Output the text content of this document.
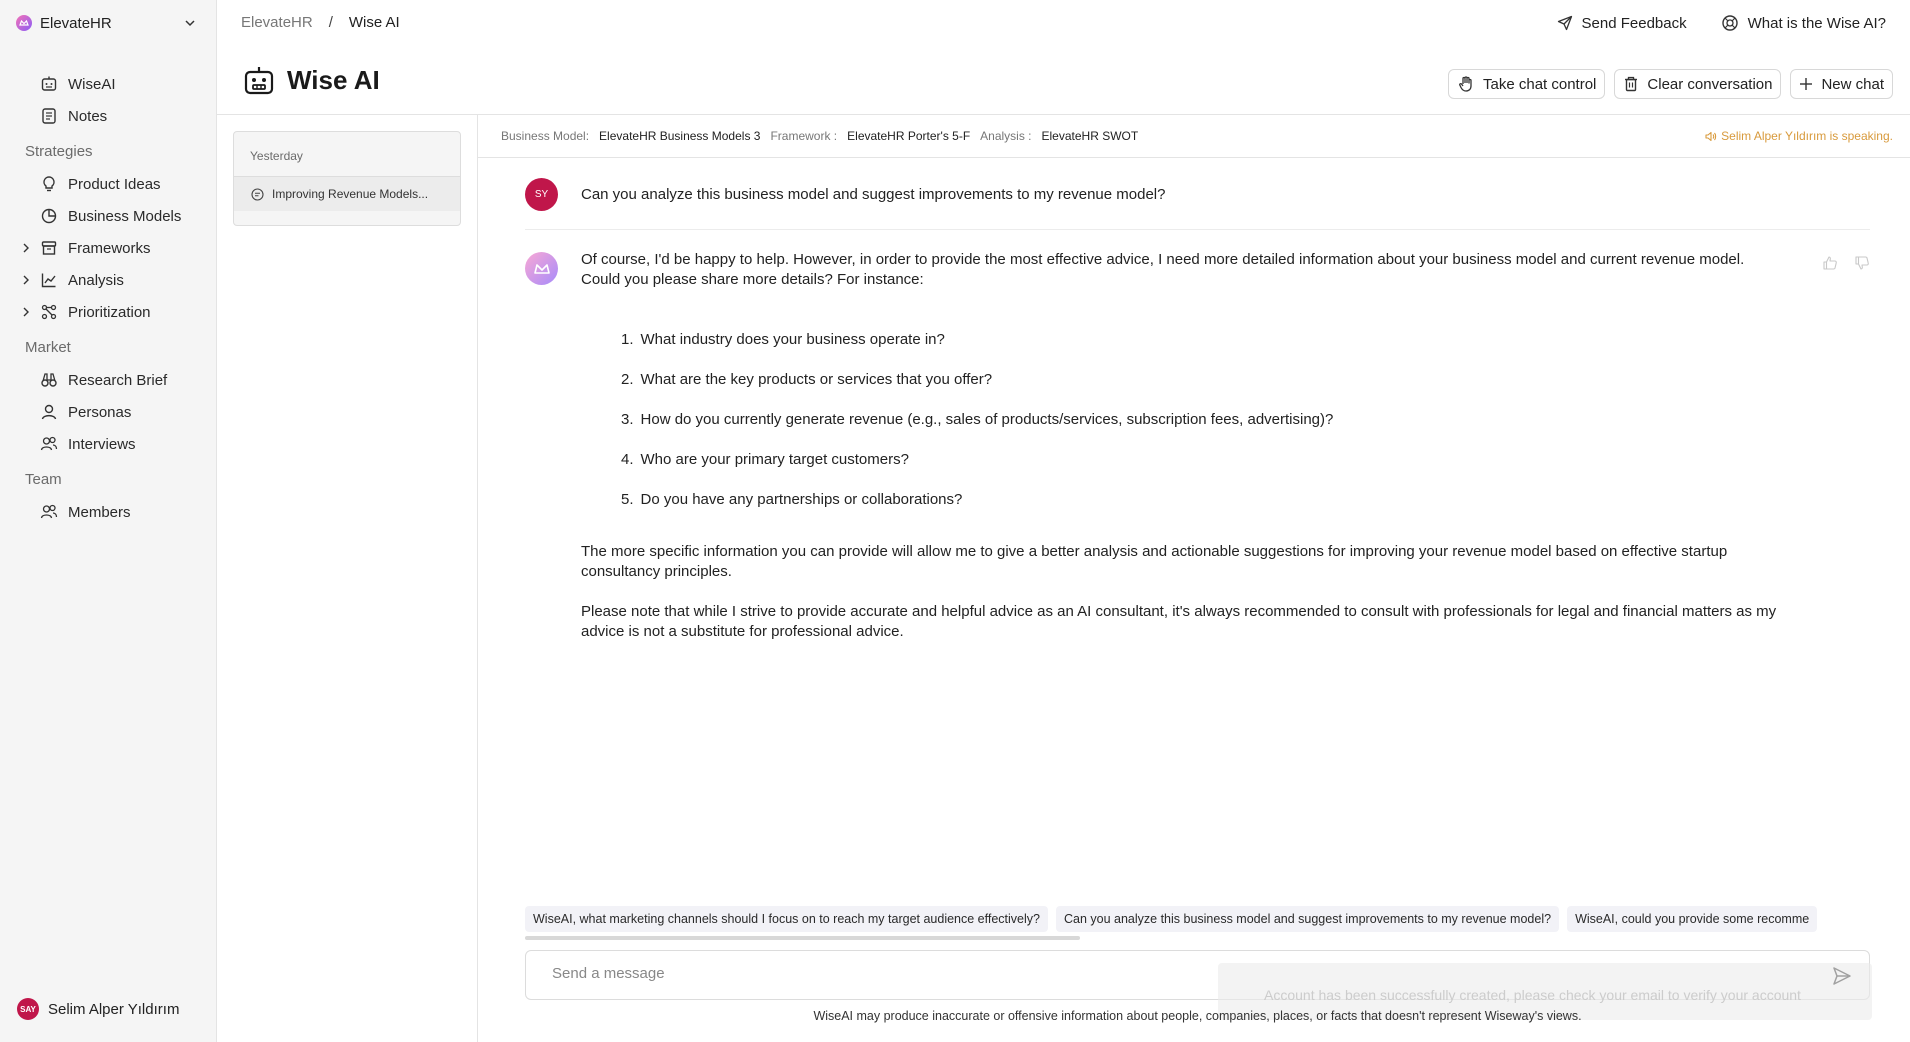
ElevateHR
WiseAI
Notes
Strategies
Product Ideas
Business Models
Frameworks
Analysis
Prioritization
Market
Research Brief
Personas
Interviews
Team
Members
SAY Selim Alper Yıldırım
ElevateHR / Wise AI	Send Feedback	What is the Wise AI?
Wise AI	Take chat control	Clear conversation	New chat
Yesterday
Improving Revenue Models...
Business Model: ElevateHR Business Models 3 Framework : ElevateHR Porter's 5-F Analysis : ElevateHR SWOT	Selim Alper Yıldırım is speaking.
SY	Can you analyze this business model and suggest improvements to my revenue model?

Of course, I'd be happy to help. However, in order to provide the most effective advice, I need more detailed information about your business model and current revenue model. Could you please share more details? For instance:

1. What industry does your business operate in?
2. What are the key products or services that you offer?
3. How do you currently generate revenue (e.g., sales of products/services, subscription fees, advertising)?
4. Who are your primary target customers?
5. Do you have any partnerships or collaborations?

The more specific information you can provide will allow me to give a better analysis and actionable suggestions for improving your revenue model based on effective startup consultancy principles.

Please note that while I strive to provide accurate and helpful advice as an AI consultant, it's always recommended to consult with professionals for legal and financial matters as my advice is not a substitute for professional advice.

WiseAI, what marketing channels should I focus on to reach my target audience effectively? Can you analyze this business model and suggest improvements to my revenue model? WiseAI, could you provide some recomme
Send a message
Account has been successfully created, please check your email to verify your account
WiseAI may produce inaccurate or offensive information about people, companies, places, or facts that doesn't represent Wiseway's views.
